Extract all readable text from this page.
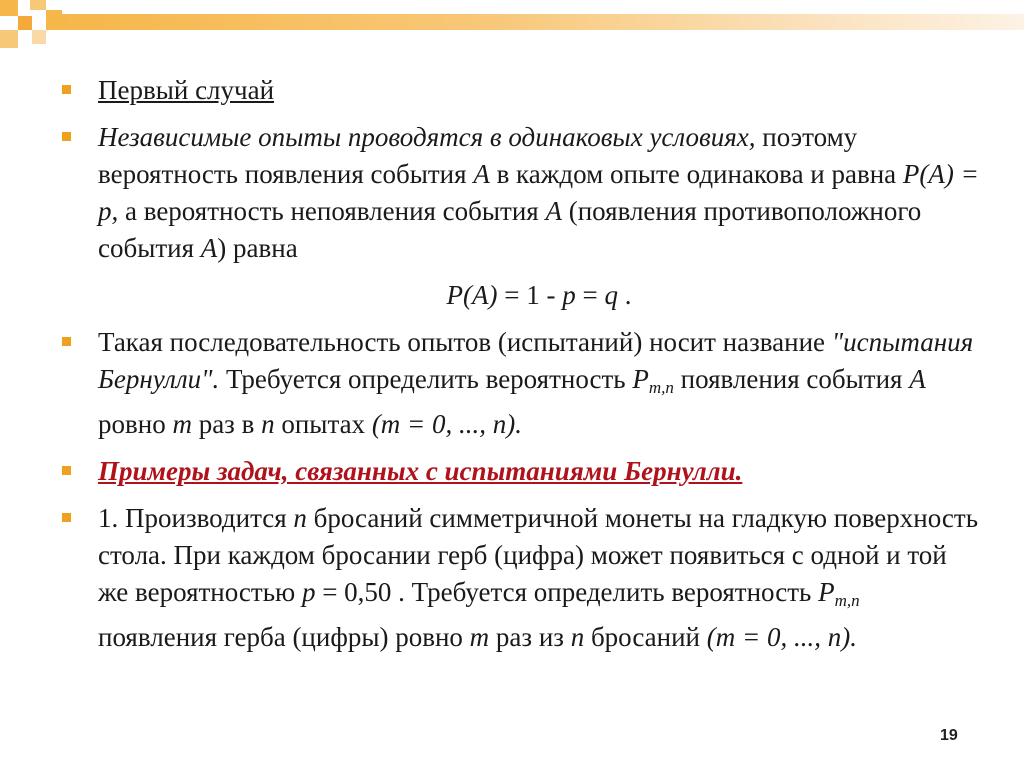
Первый случай
Независимые опыты проводятся в одинаковых условиях, поэтому вероятность появления события A в каждом опыте одинакова и равна P(A) = p, а вероятность непоявления события A (появления противоположного события A) равна
P(A) = 1 - p = q .
Такая последовательность опытов (испытаний) носит название "испытания Бернулли". Требуется определить вероятность $P_{m,n}$ появления события A ровно m раз в n опытах (m = 0, ..., n).
Примеры задач, связанных с испытаниями Бернулли.
1. Производится n бросаний симметричной монеты на гладкую поверхность стола. При каждом бросании герб (цифра) может появиться с одной и той же вероятностью p = 0,50 . Требуется определить вероятность $P_{m,n}$ появления герба (цифры) ровно m раз из n бросаний (m = 0, ..., n).
19
